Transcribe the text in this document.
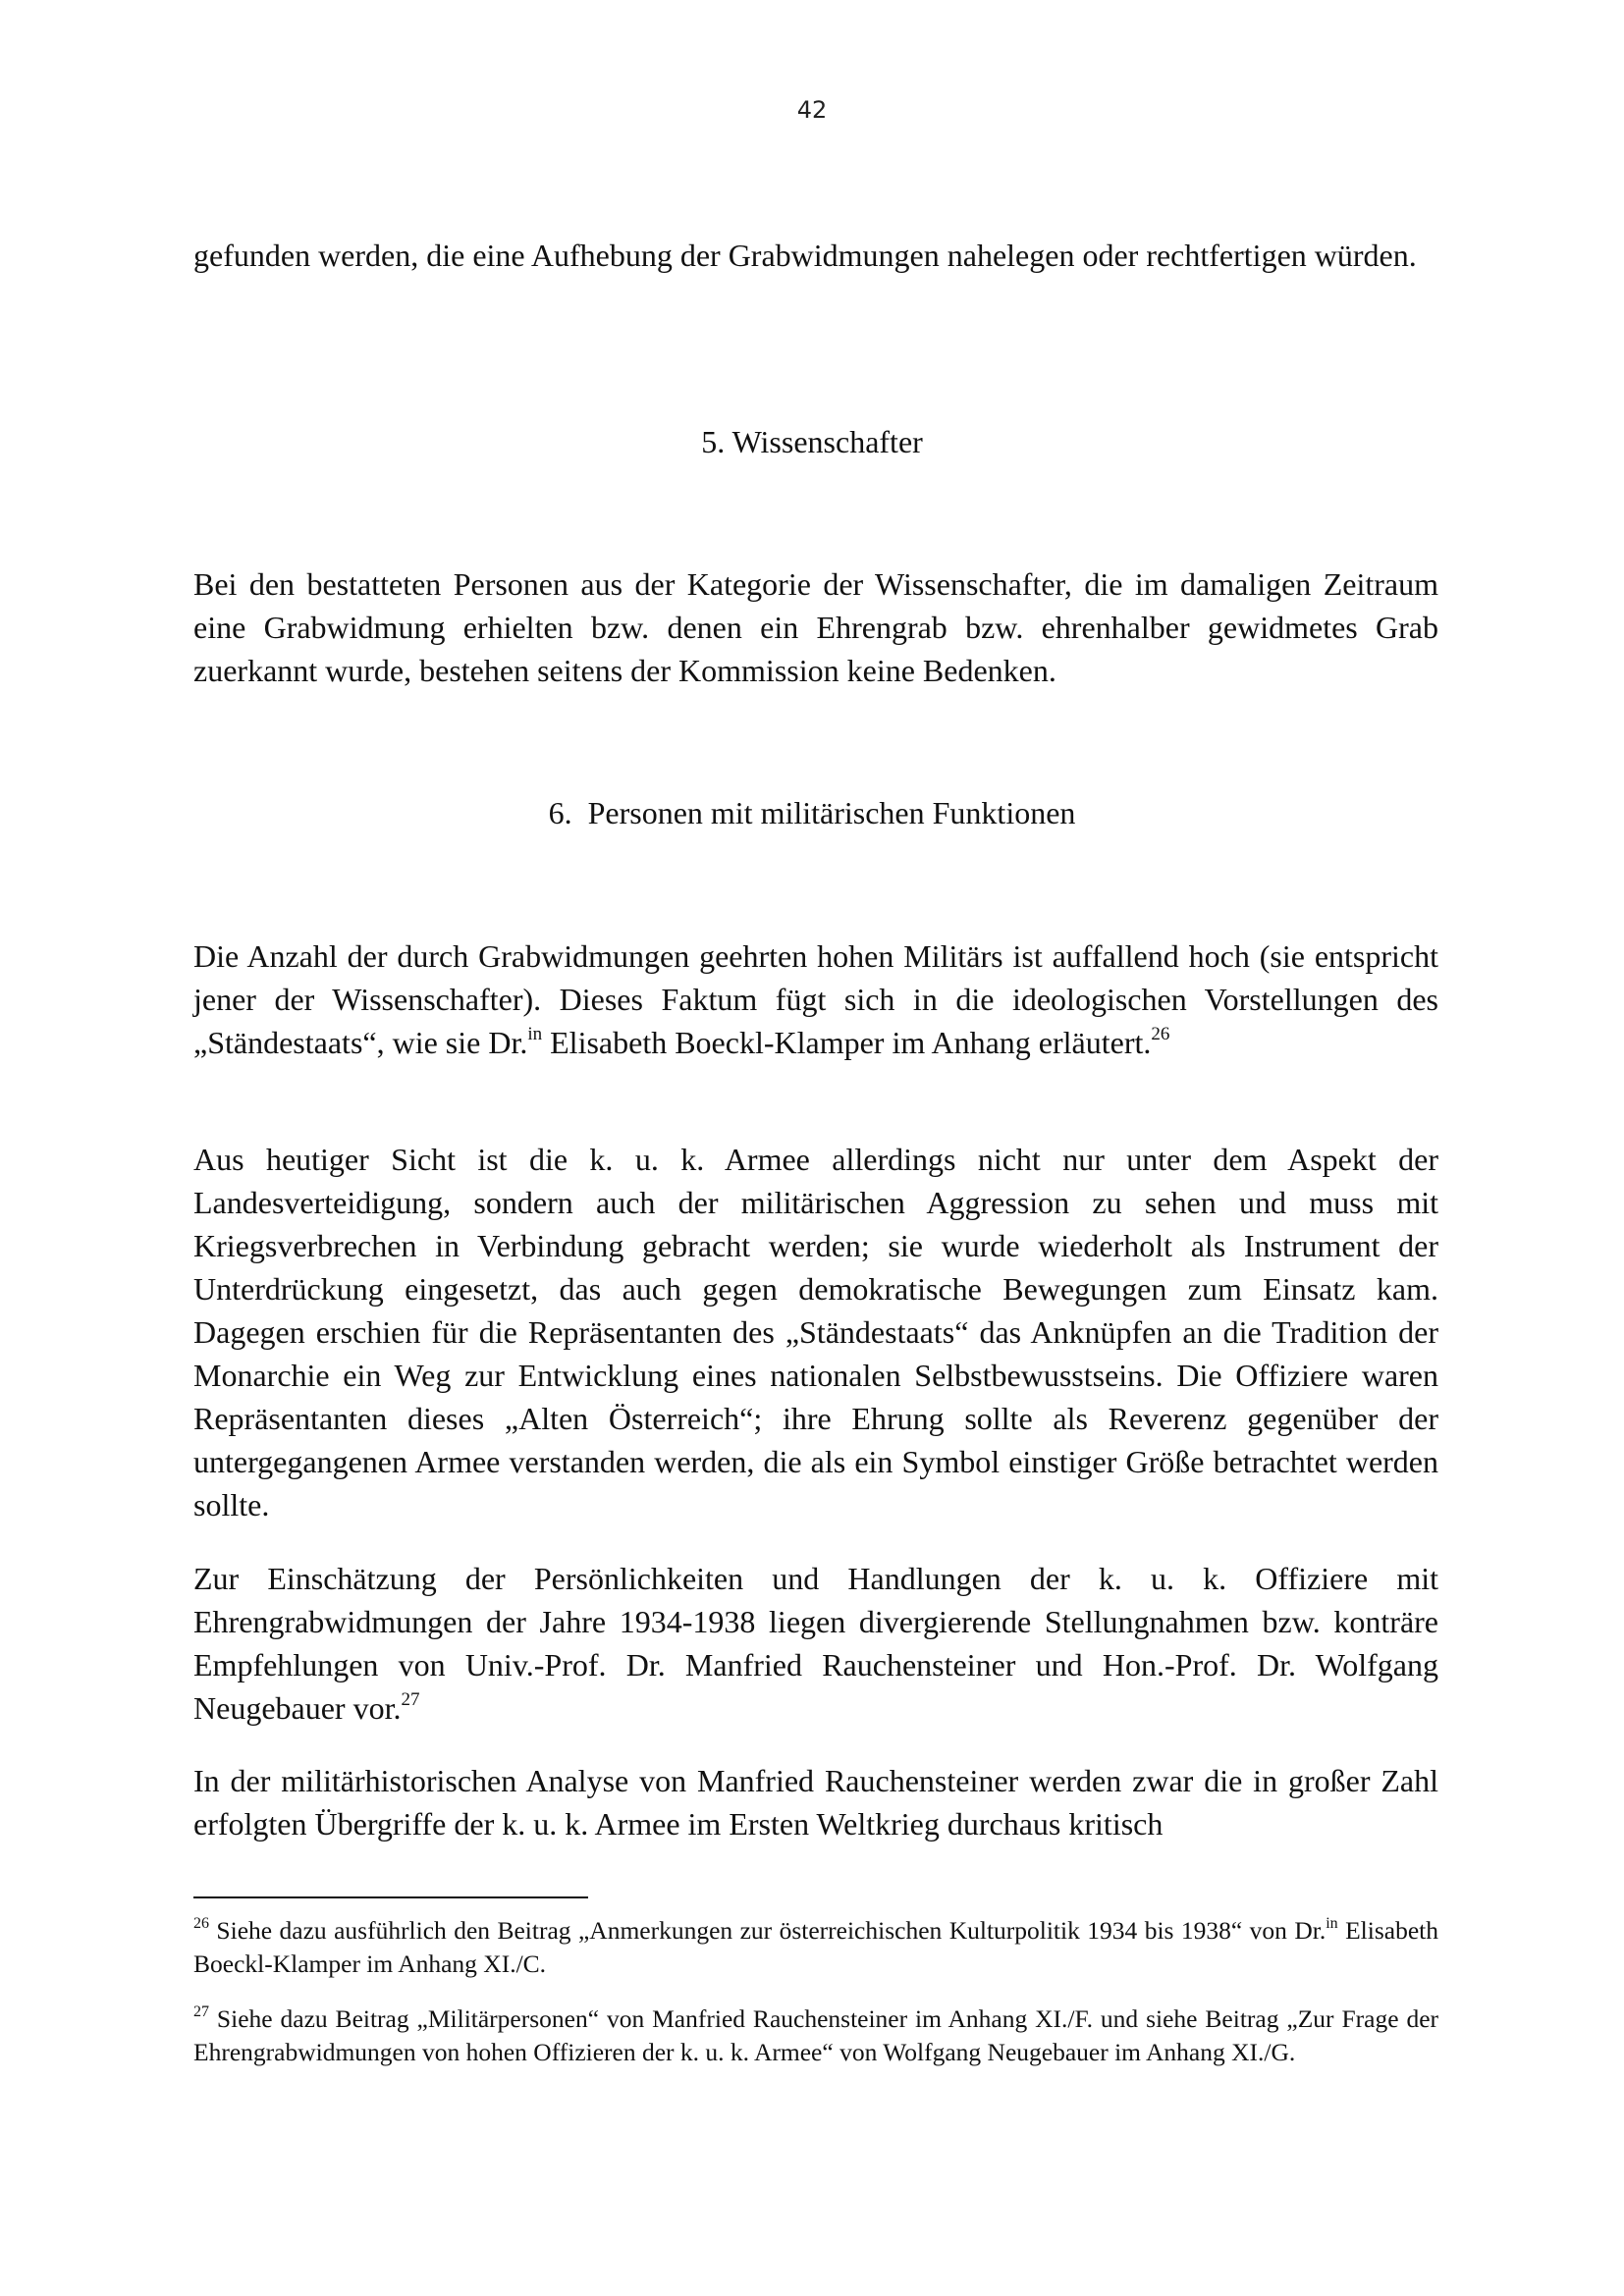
42
gefunden werden, die eine Aufhebung der Grabwidmungen nahelegen oder rechtfertigen würden.
5. Wissenschafter
Bei den bestatteten Personen aus der Kategorie der Wissenschafter, die im damaligen Zeitraum eine Grabwidmung erhielten bzw. denen ein Ehrengrab bzw. ehrenhalber gewidmetes Grab zuerkannt wurde, bestehen seitens der Kommission keine Bedenken.
6.  Personen mit militärischen Funktionen
Die Anzahl der durch Grabwidmungen geehrten hohen Militärs ist auffallend hoch (sie entspricht jener der Wissenschafter). Dieses Faktum fügt sich in die ideologischen Vorstellungen des „Ständestaats“, wie sie Dr.$^{in}$ Elisabeth Boeckl-Klamper im Anhang erläutert.$^{26}$
Aus heutiger Sicht ist die k. u. k. Armee allerdings nicht nur unter dem Aspekt der Landesverteidigung, sondern auch der militärischen Aggression zu sehen und muss mit Kriegsverbrechen in Verbindung gebracht werden; sie wurde wiederholt als Instrument der Unterdrückung eingesetzt, das auch gegen demokratische Bewegungen zum Einsatz kam. Dagegen erschien für die Repräsentanten des „Ständestaats“ das Anknüpfen an die Tradition der Monarchie ein Weg zur Entwicklung eines nationalen Selbstbewusstseins. Die Offiziere waren Repräsentanten dieses „Alten Österreich“; ihre Ehrung sollte als Reverenz gegenüber der untergegangenen Armee verstanden werden, die als ein Symbol einstiger Größe betrachtet werden sollte.
Zur Einschätzung der Persönlichkeiten und Handlungen der k. u. k. Offiziere mit Ehrengrabwidmungen der Jahre 1934-1938 liegen divergierende Stellungnahmen bzw. konträre Empfehlungen von Univ.-Prof. Dr. Manfried Rauchensteiner und Hon.-Prof. Dr. Wolfgang Neugebauer vor.$^{27}$
In der militärhistorischen Analyse von Manfried Rauchensteiner werden zwar die in großer Zahl erfolgten Übergriffe der k. u. k. Armee im Ersten Weltkrieg durchaus kritisch
$^{26}$ Siehe dazu ausführlich den Beitrag „Anmerkungen zur österreichischen Kulturpolitik 1934 bis 1938“ von Dr.$^{in}$ Elisabeth Boeckl-Klamper im Anhang XI./C.
$^{27}$ Siehe dazu Beitrag „Militärpersonen“ von Manfried Rauchensteiner im Anhang XI./F. und siehe Beitrag „Zur Frage der Ehrengrabwidmungen von hohen Offizieren der k. u. k. Armee“ von Wolfgang Neugebauer im Anhang XI./G.
